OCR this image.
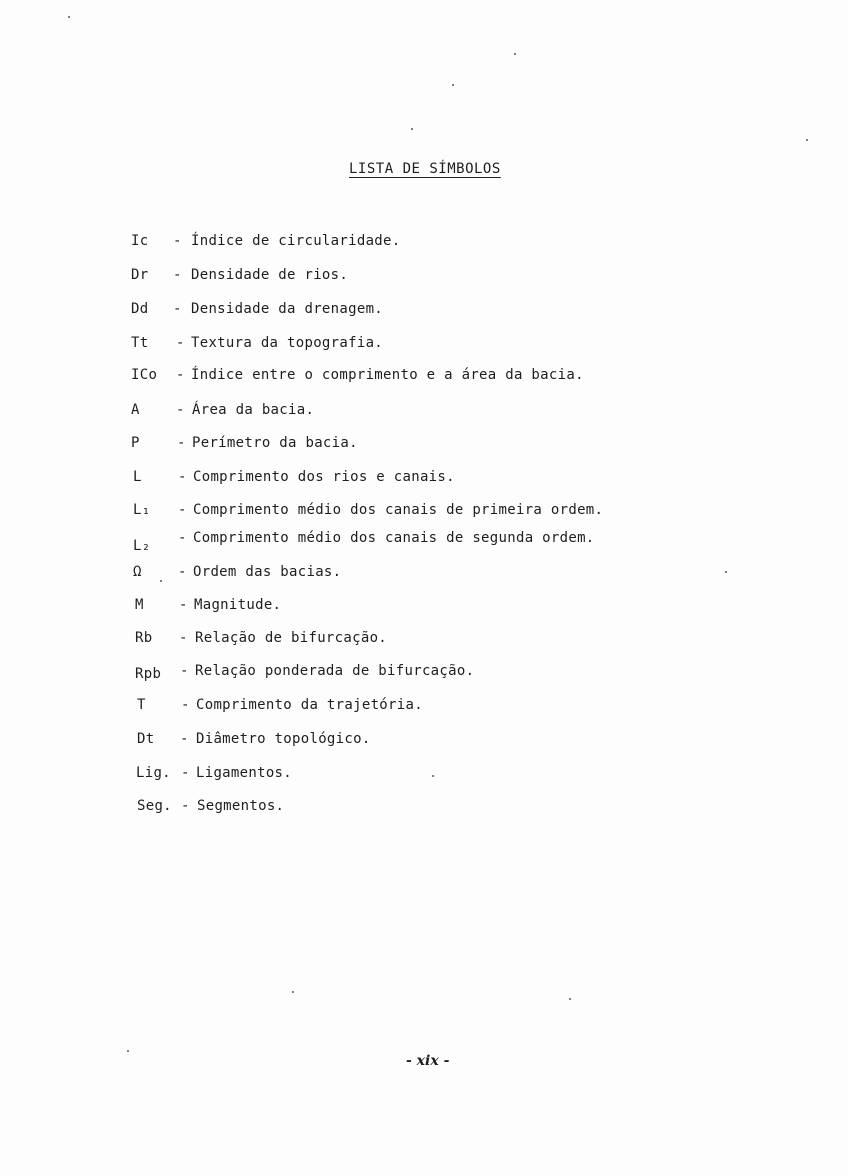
LISTA DE SÍMBOLOS
Ic - Índice de circularidade.
Dr - Densidade de rios.
Dd - Densidade da drenagem.
Tt - Textura da topografia.
ICo - Índice entre o comprimento e a área da bacia.
A	- Área da bacia.
P	- Perímetro da bacia.
L	- Comprimento dos rios e canais.
L₁ - Comprimento médio dos canais de primeira ordem.
L₂ - Comprimento médio dos canais de segunda ordem.
Ω	- Ordem das bacias.
M	- Magnitude.
Rb - Relação de bifurcação.
Rpb - Relação ponderada de bifurcação.
T	- Comprimento da trajetória.
Dt - Diâmetro topológico.
Lig. - Ligamentos.
Seg. - Segmentos.
- xix -
